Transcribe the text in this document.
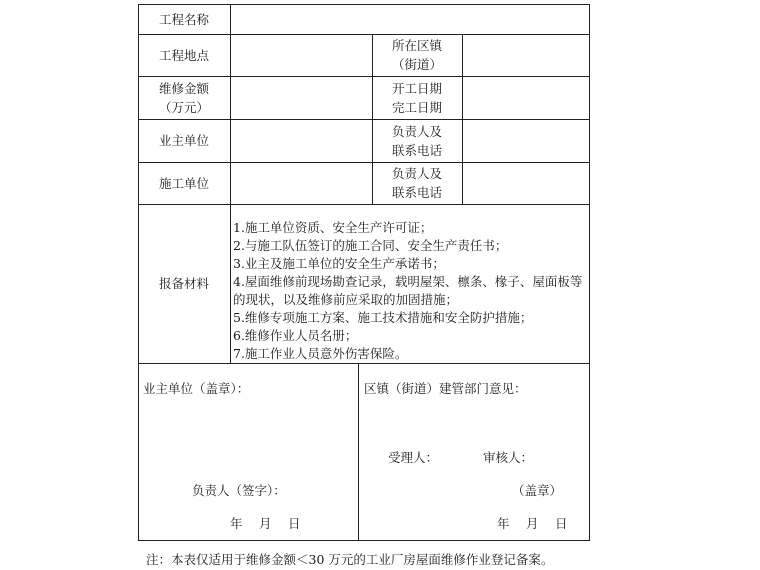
工程名称
工程地点
所在区镇
（街道）
维修金额
（万元）
开工日期
完工日期
业主单位
负责人及
联系电话
施工单位
负责人及
联系电话
报备材料
1.施工单位资质、安全生产许可证；
2.与施工队伍签订的施工合同、安全生产责任书；
3.业主及施工单位的安全生产承诺书；
4.屋面维修前现场勘查记录，载明屋架、檩条、椽子、屋面板等的现状，以及维修前应采取的加固措施；
5.维修专项施工方案、施工技术措施和安全防护措施；
6.维修作业人员名册；
7.施工作业人员意外伤害保险。
业主单位（盖章）：
负责人（签字）：
年　 月　 日
区镇（街道）建管部门意见：
受理人：	审核人：
（盖章）
年　 月　 日
注：本表仅适用于维修金额＜30 万元的工业厂房屋面维修作业登记备案。
